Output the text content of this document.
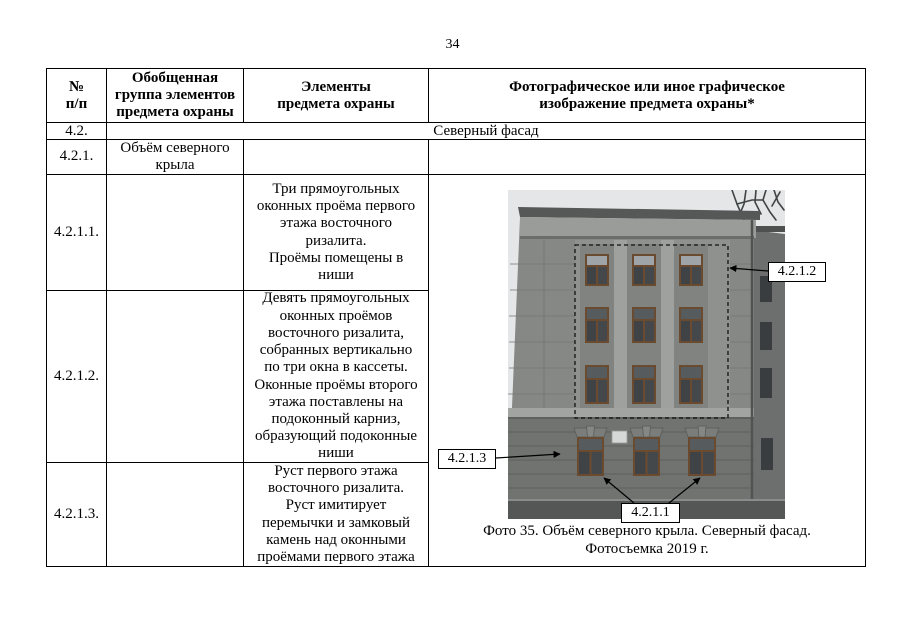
34
№
п/п
Обобщенная
группа элементов
предмета охраны
Элементы
предмета охраны
Фотографическое или иное графическое
изображение предмета охраны*
4.2.	Северный фасад
4.2.1.
Объём северного
крыла
4.2.1.1.
Три прямоугольных
оконных проёма первого
этажа восточного
ризалита.
Проёмы помещены в
ниши
4.2.1.2.
Девять прямоугольных
оконных проёмов
восточного ризалита,
собранных вертикально
по три окна в кассеты.
Оконные проёмы второго
этажа поставлены на
подоконный карниз,
образующий подоконные
ниши
4.2.1.3.
Руст первого этажа
восточного ризалита.
Руст имитирует
перемычки и замковый
камень над оконными
проёмами первого этажа
4.2.1.2
4.2.1.3
4.2.1.1
Фото 35. Объём северного крыла. Северный фасад.
Фотосъемка 2019 г.
